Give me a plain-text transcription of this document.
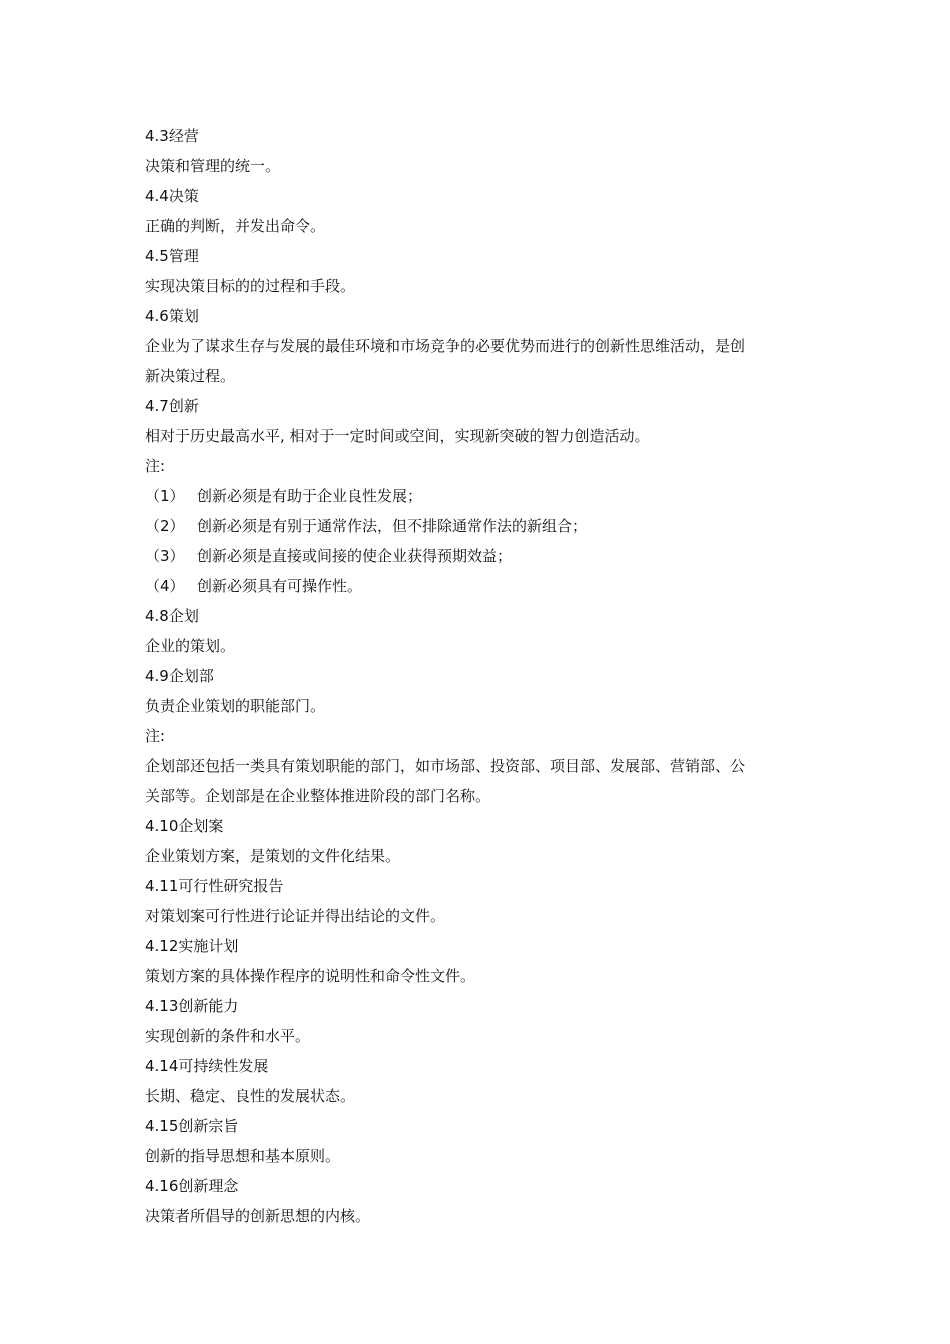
4.3经营
决策和管理的统一。
4.4决策
正确的判断，并发出命令。
4.5管理
实现决策目标的的过程和手段。
4.6策划
企业为了谋求生存与发展的最佳环境和市场竞争的必要优势而进行的创新性思维活动，是创
新决策过程。
4.7创新
相对于历史最高水平, 相对于一定时间或空间，实现新突破的智力创造活动。
注:
（1） 创新必须是有助于企业良性发展；
（2） 创新必须是有别于通常作法，但不排除通常作法的新组合；
（3） 创新必须是直接或间接的使企业获得预期效益；
（4） 创新必须具有可操作性。
4.8企划
企业的策划。
4.9企划部
负责企业策划的职能部门。
注:
企划部还包括一类具有策划职能的部门，如市场部、投资部、项目部、发展部、营销部、公
关部等。企划部是在企业整体推进阶段的部门名称。
4.10企划案
企业策划方案，是策划的文件化结果。
4.11可行性研究报告
对策划案可行性进行论证并得出结论的文件。
4.12实施计划
策划方案的具体操作程序的说明性和命令性文件。
4.13创新能力
实现创新的条件和水平。
4.14可持续性发展
长期、稳定、良性的发展状态。
4.15创新宗旨
创新的指导思想和基本原则。
4.16创新理念
决策者所倡导的创新思想的内核。
